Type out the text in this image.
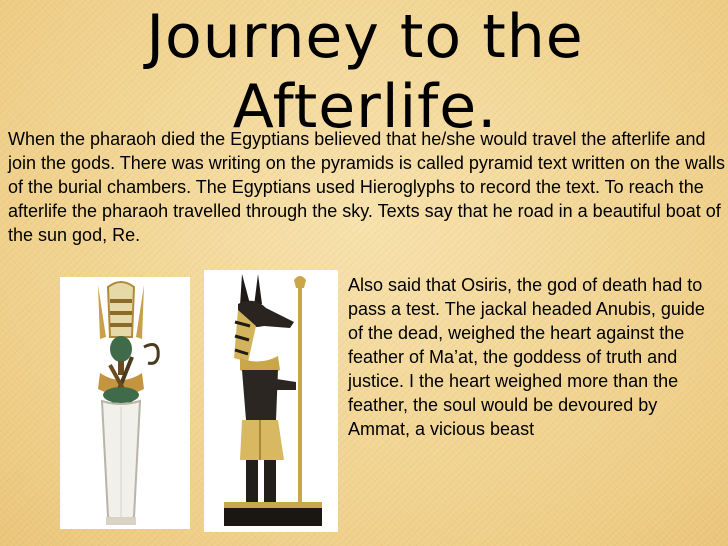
Journey to the Afterlife.

When the pharaoh died the Egyptians believed that he/she would travel the afterlife and join the gods. There was writing on the pyramids is called pyramid text written on the walls of the burial chambers. The Egyptians used Hieroglyphs to record the text. To reach the afterlife the pharaoh travelled through the sky. Texts say that he road in a beautiful boat of the sun god, Re.

Also said that Osiris, the god of death had to pass a test. The jackal headed Anubis, guide of the dead, weighed the heart against the feather of Ma’at, the goddess of truth and justice. I the heart weighed more than the feather, the soul would be devoured by Ammat, a vicious beast
